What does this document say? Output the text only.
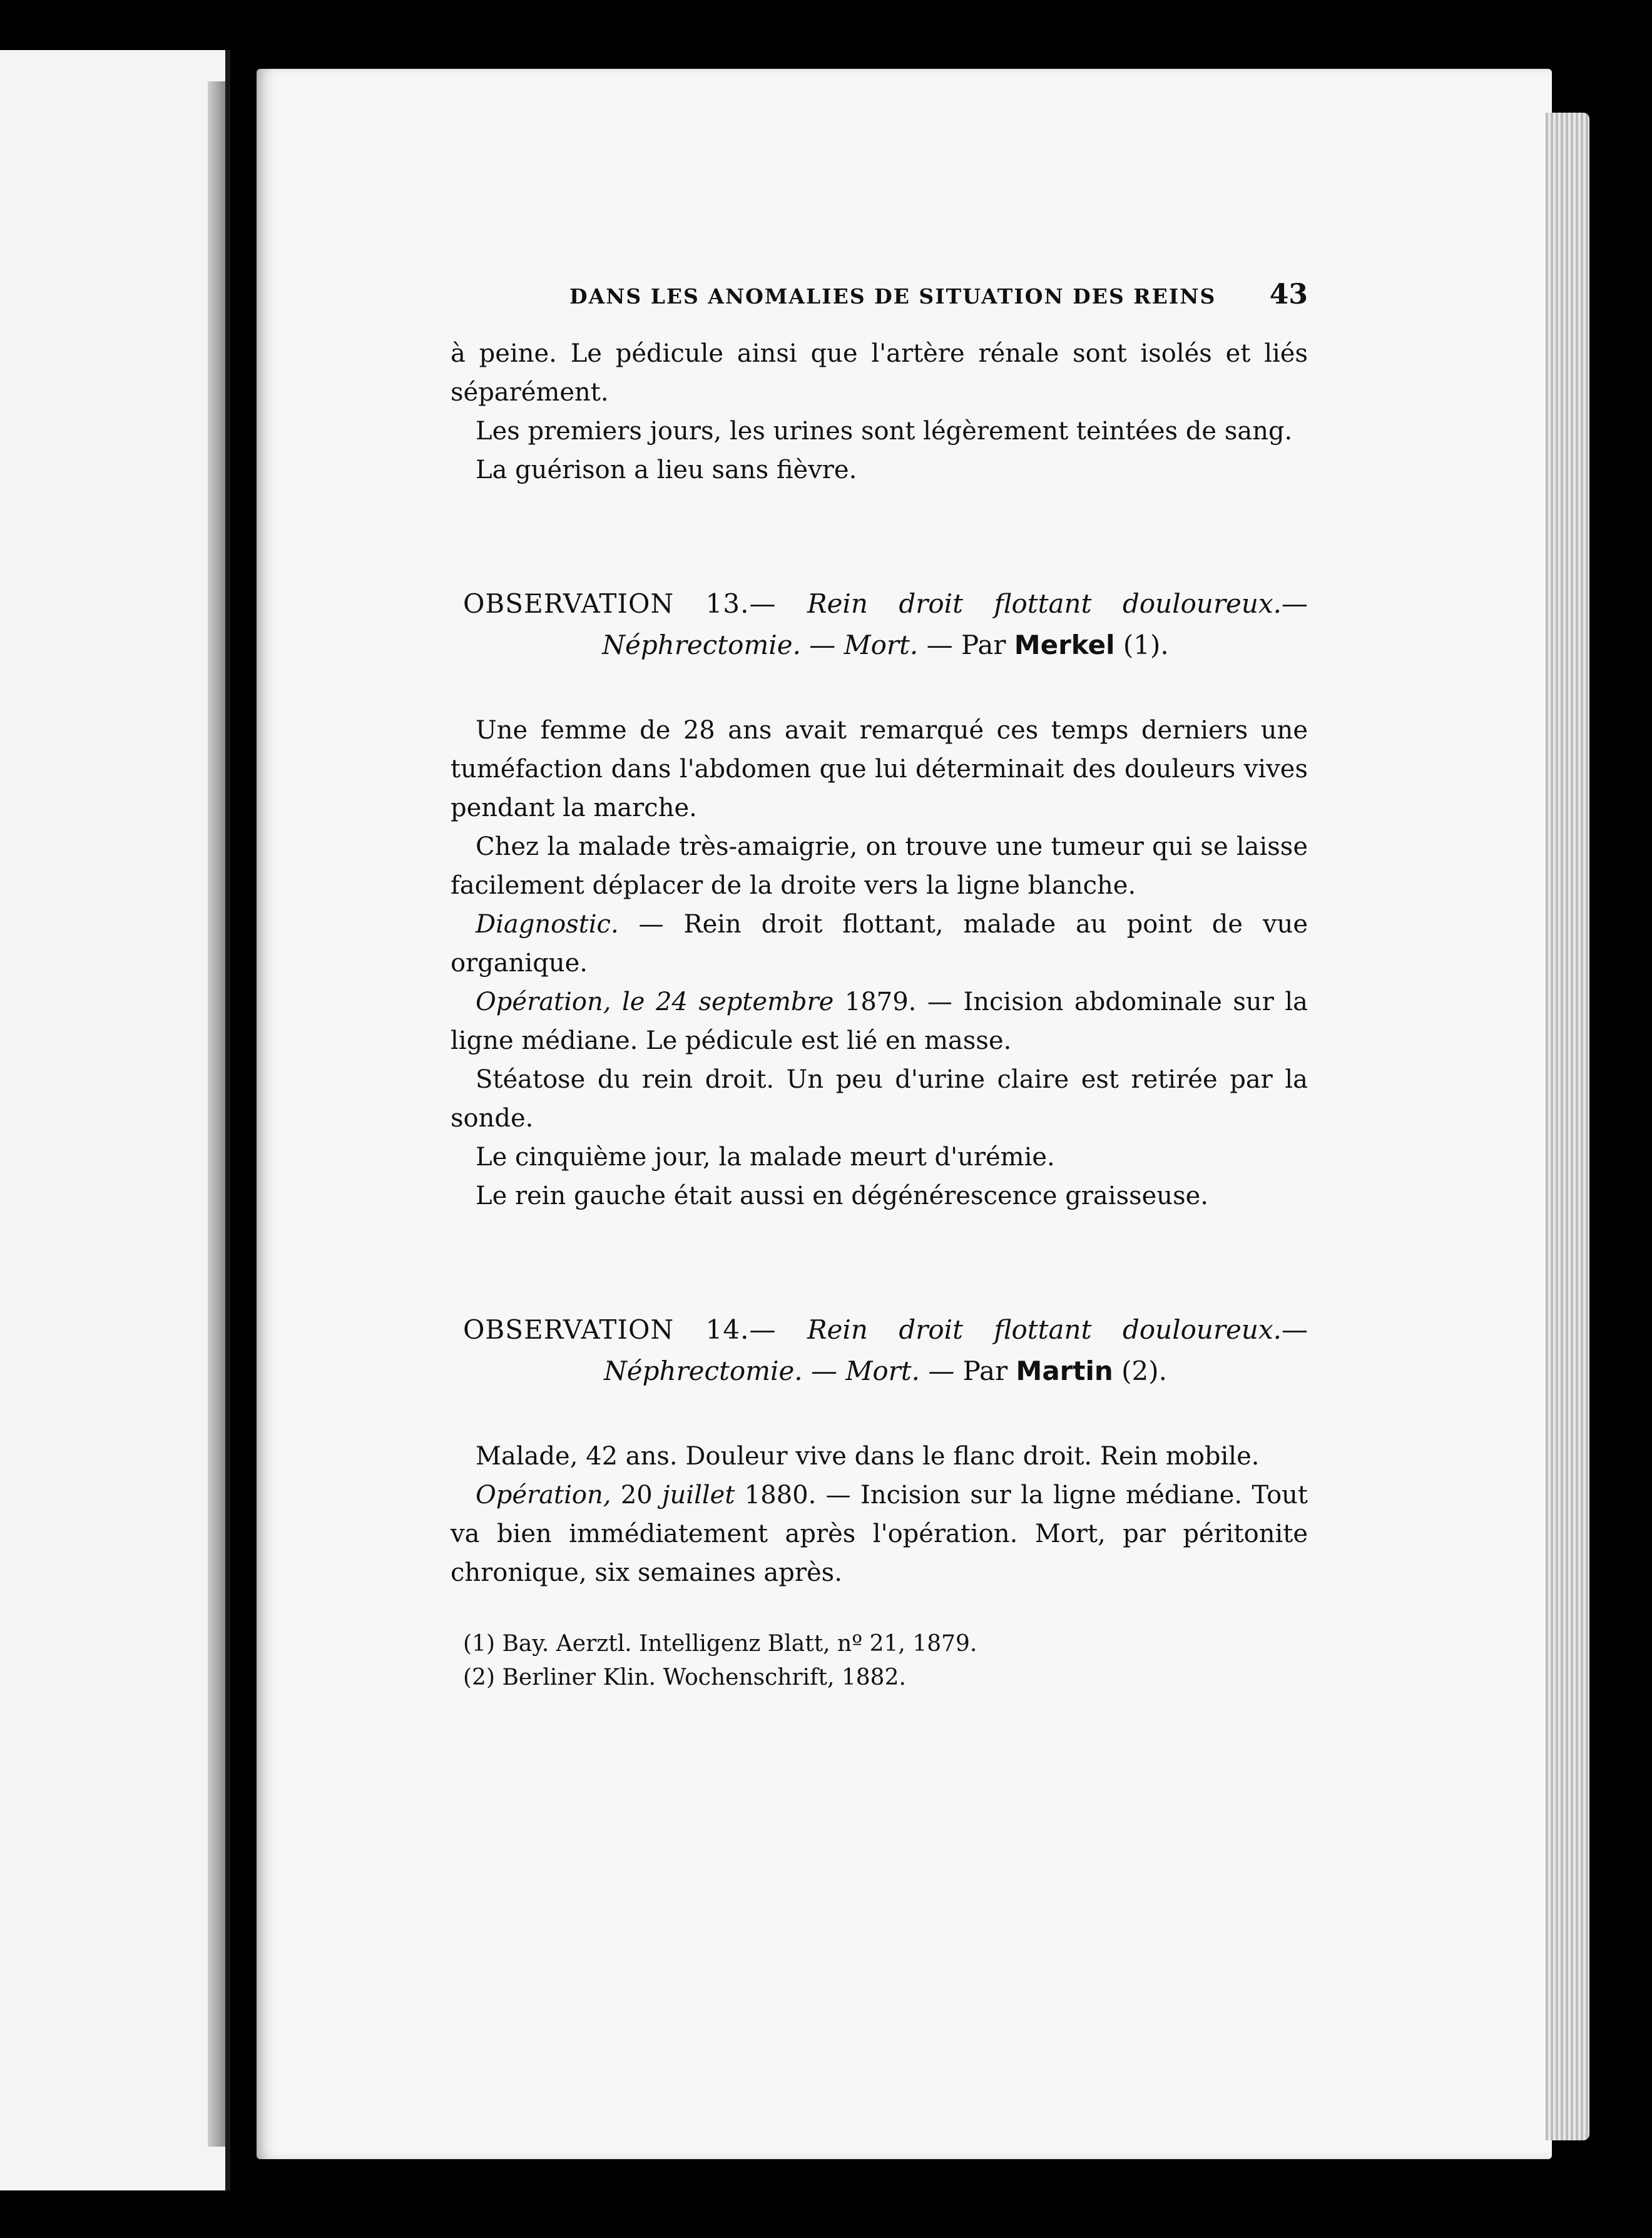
DANS LES ANOMALIES DE SITUATION DES REINS 43

à peine. Le pédicule ainsi que l'artère rénale sont isolés et liés séparément.

Les premiers jours, les urines sont légèrement teintées de sang.

La guérison a lieu sans fièvre.

OBSERVATION 13.— Rein droit flottant douloureux.— Néphrectomie. — Mort. — Par Merkel (1).

Une femme de 28 ans avait remarqué ces temps derniers une tuméfaction dans l'abdomen que lui déterminait des douleurs vives pendant la marche.

Chez la malade très-amaigrie, on trouve une tumeur qui se laisse facilement déplacer de la droite vers la ligne blanche.

Diagnostic. — Rein droit flottant, malade au point de vue organique.

Opération, le 24 septembre 1879. — Incision abdominale sur la ligne médiane. Le pédicule est lié en masse.

Stéatose du rein droit. Un peu d'urine claire est retirée par la sonde.

Le cinquième jour, la malade meurt d'urémie.

Le rein gauche était aussi en dégénérescence graisseuse.

OBSERVATION 14.— Rein droit flottant douloureux.— Néphrectomie. — Mort. — Par Martin (2).

Malade, 42 ans. Douleur vive dans le flanc droit. Rein mobile.

Opération, 20 juillet 1880. — Incision sur la ligne médiane. Tout va bien immédiatement après l'opération. Mort, par péritonite chronique, six semaines après.

(1) Bay. Aerztl. Intelligenz Blatt, nº 21, 1879.
(2) Berliner Klin. Wochenschrift, 1882.
